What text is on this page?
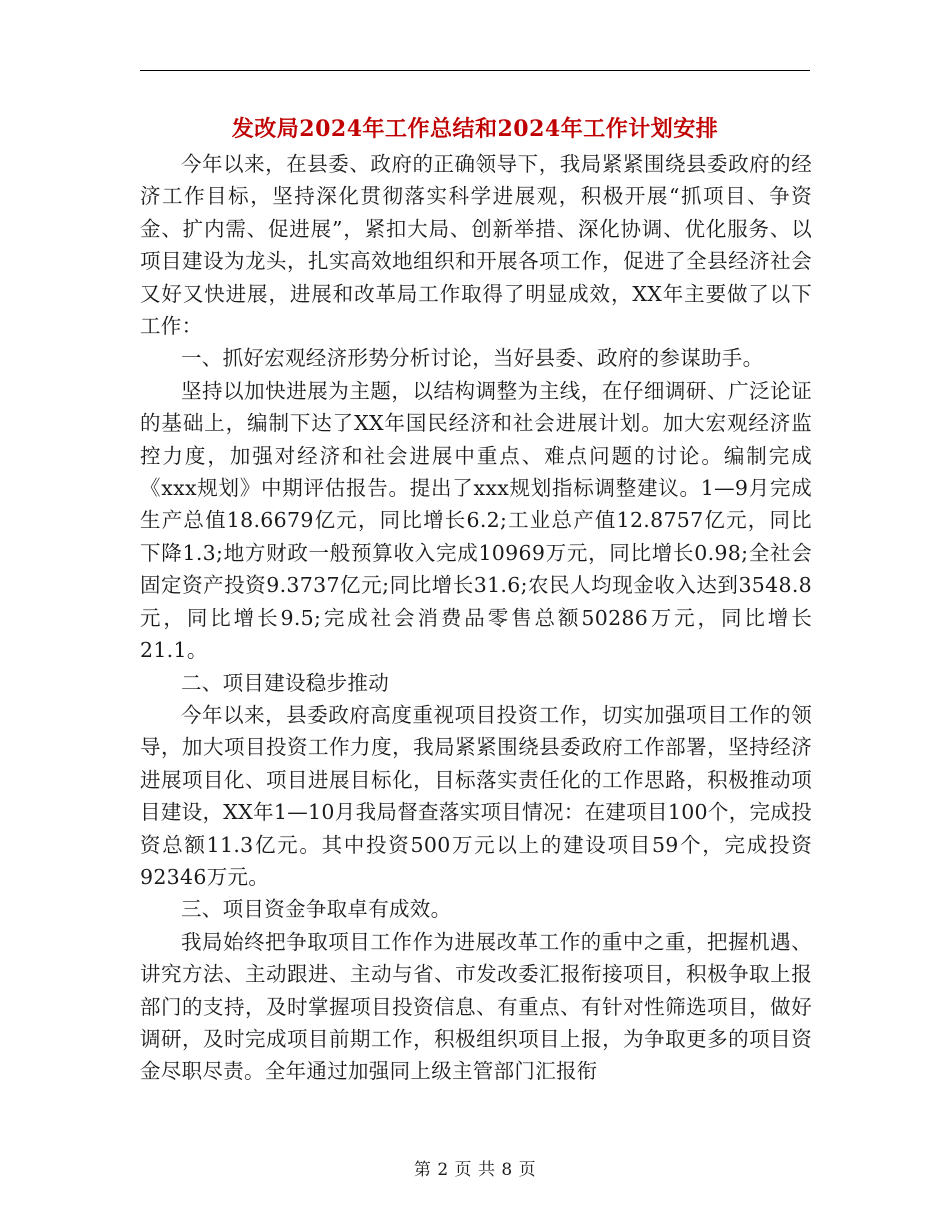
发改局2024年工作总结和2024年工作计划安排

今年以来，在县委、政府的正确领导下，我局紧紧围绕县委政府的经济工作目标，坚持深化贯彻落实科学进展观，积极开展“抓项目、争资金、扩内需、促进展”，紧扣大局、创新举措、深化协调、优化服务、以项目建设为龙头，扎实高效地组织和开展各项工作，促进了全县经济社会又好又快进展，进展和改革局工作取得了明显成效，XX年主要做了以下工作：

一、抓好宏观经济形势分析讨论，当好县委、政府的参谋助手。

坚持以加快进展为主题，以结构调整为主线，在仔细调研、广泛论证的基础上，编制下达了XX年国民经济和社会进展计划。加大宏观经济监控力度，加强对经济和社会进展中重点、难点问题的讨论。编制完成《xxx规划》中期评估报告。提出了xxx规划指标调整建议。1—9月完成生产总值18.6679亿元，同比增长6.2;工业总产值12.8757亿元，同比下降1.3;地方财政一般预算收入完成10969万元，同比增长0.98;全社会固定资产投资9.3737亿元;同比增长31.6;农民人均现金收入达到3548.8元，同比增长9.5;完成社会消费品零售总额50286万元，同比增长21.1。

二、项目建设稳步推动

今年以来，县委政府高度重视项目投资工作，切实加强项目工作的领导，加大项目投资工作力度，我局紧紧围绕县委政府工作部署，坚持经济进展项目化、项目进展目标化，目标落实责任化的工作思路，积极推动项目建设，XX年1—10月我局督查落实项目情况：在建项目100个，完成投资总额11.3亿元。其中投资500万元以上的建设项目59个，完成投资92346万元。

三、项目资金争取卓有成效。

我局始终把争取项目工作作为进展改革工作的重中之重，把握机遇、讲究方法、主动跟进、主动与省、市发改委汇报衔接项目，积极争取上报部门的支持，及时掌握项目投资信息、有重点、有针对性筛选项目，做好调研，及时完成项目前期工作，积极组织项目上报，为争取更多的项目资金尽职尽责。全年通过加强同上级主管部门汇报衔

第 2 页 共 8 页
